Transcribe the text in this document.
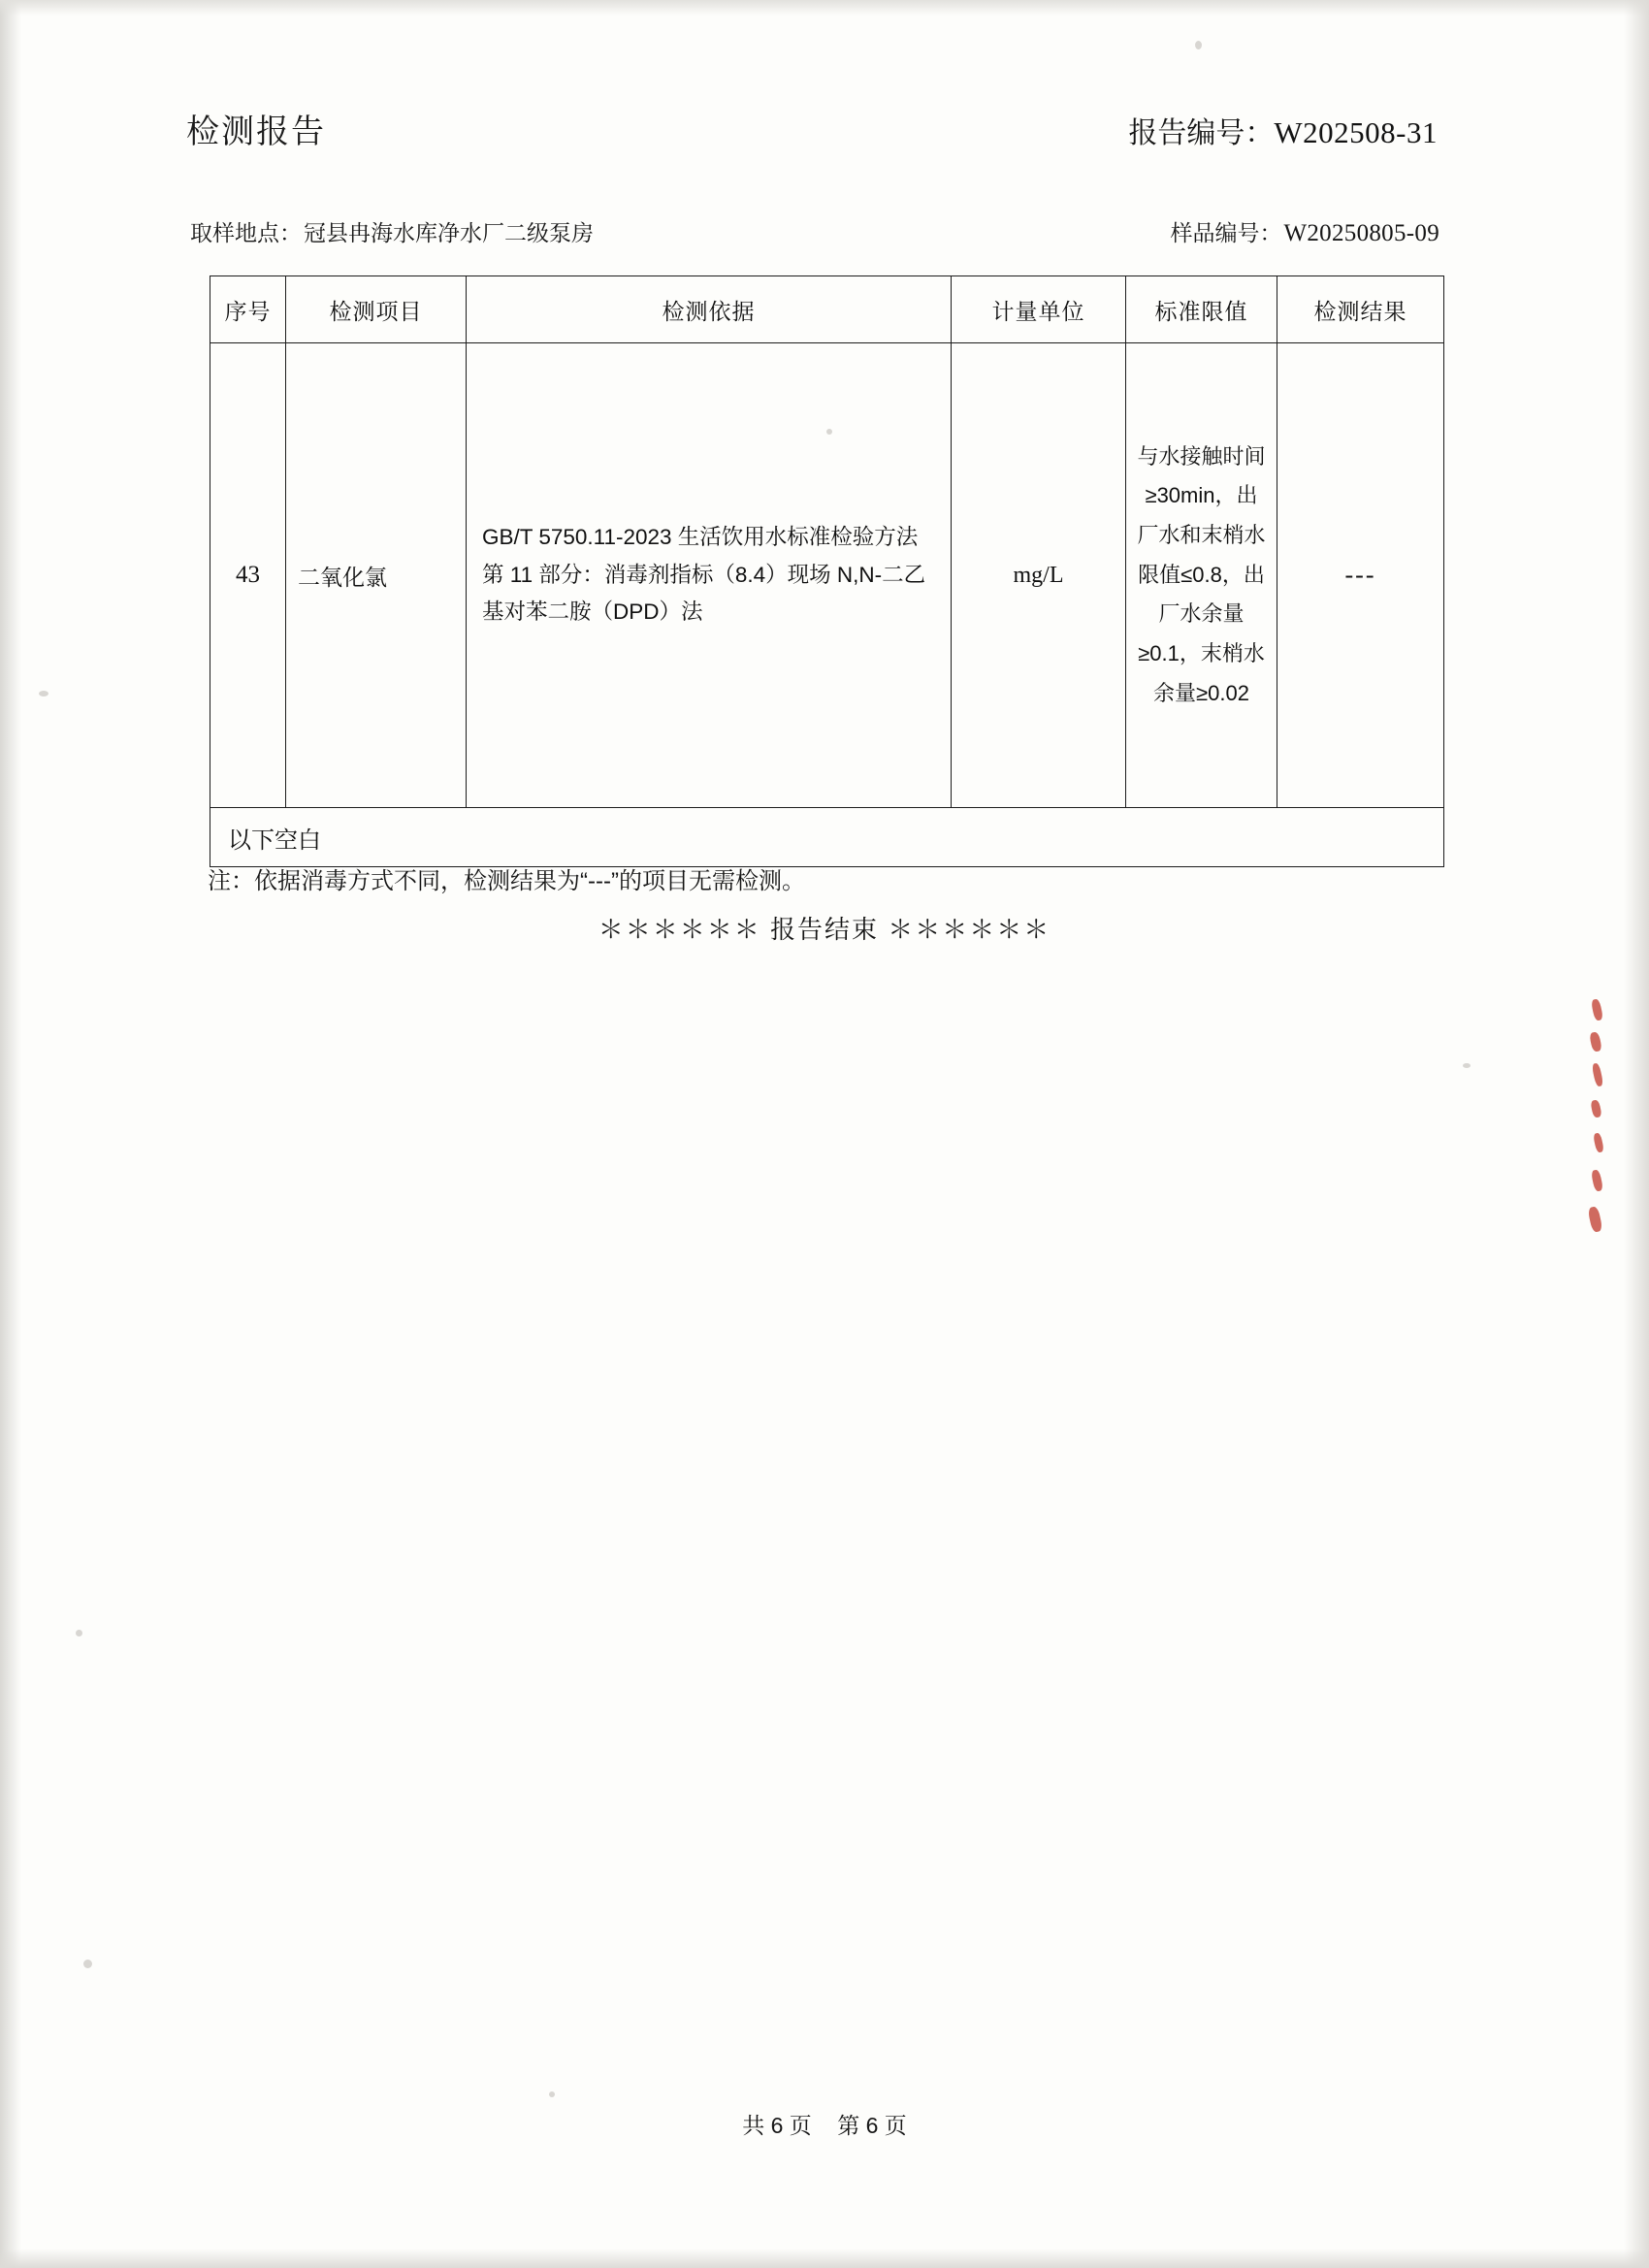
检测报告	报告编号：W202508-31
取样地点： 冠县冉海水库净水厂二级泵房	样品编号： W20250805-09
序号	检测项目	检测依据	计量单位	标准限值	检测结果
43	二氧化氯	GB/T 5750.11-2023 生活饮用水标准检验方法 第 11 部分：消毒剂指标（8.4）现场 N,N-二乙基对苯二胺（DPD）法	mg/L	与水接触时间≥30min，出厂水和末梢水限值≤0.8，出厂水余量≥0.1，末梢水余量≥0.02	---
以下空白					
注：依据消毒方式不同，检测结果为“---”的项目无需检测。
＊＊＊＊＊＊ 报告结束 ＊＊＊＊＊＊
共 6 页 第 6 页
